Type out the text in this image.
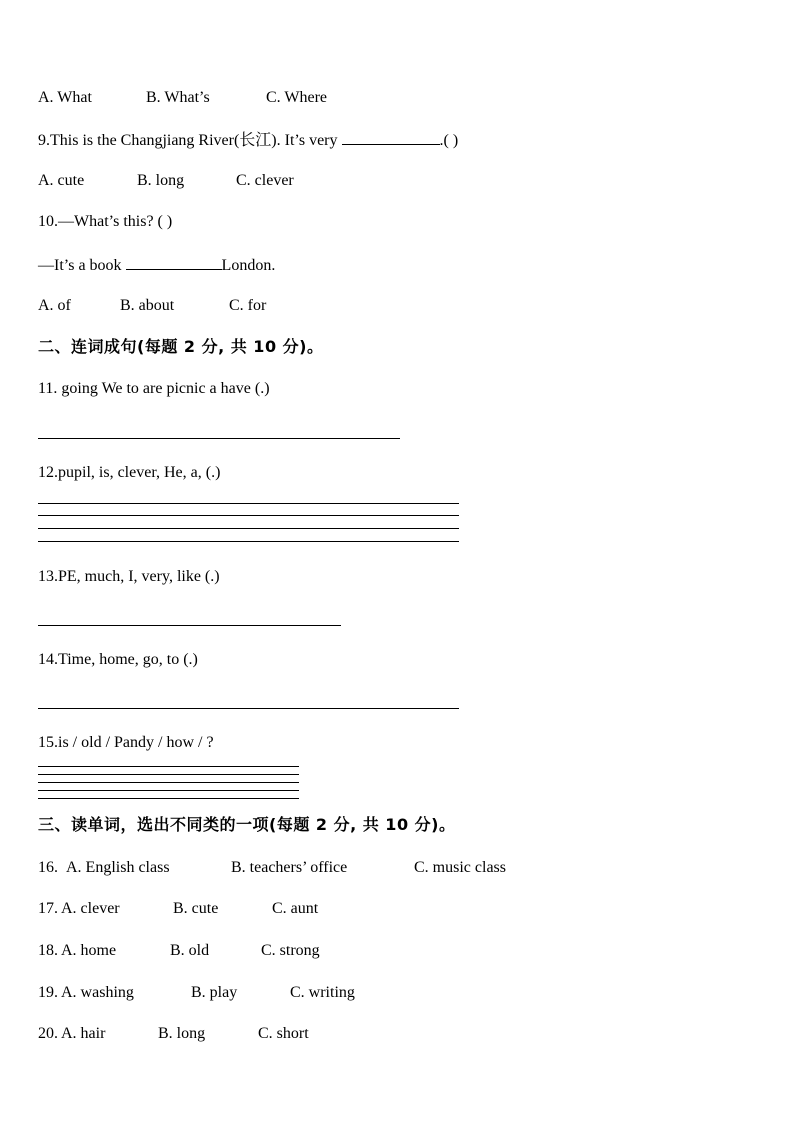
A. What	B. What’s	C. Where
9.This is the Changjiang River(长江). It’s very	.( )
A. cute	B. long	C. clever
10.—What’s this? ( )
—It’s a book	London.
A. of	B. about	C. for
二、连词成句(每题 2 分, 共 10 分)。
11. going We to are picnic a have (.)
12.pupil, is, clever, He, a, (.)
13.PE, much, I, very, like (.)
14.Time, home, go, to (.)
15.is / old / Pandy / how / ?
三、读单词，选出不同类的一项(每题 2 分, 共 10 分)。
16. A. English class	B. teachers’ office	C. music class
17. A. clever	B. cute	C. aunt
18. A. home	B. old	C. strong
19. A. washing	B. play	C. writing
20. A. hair	B. long	C. short
